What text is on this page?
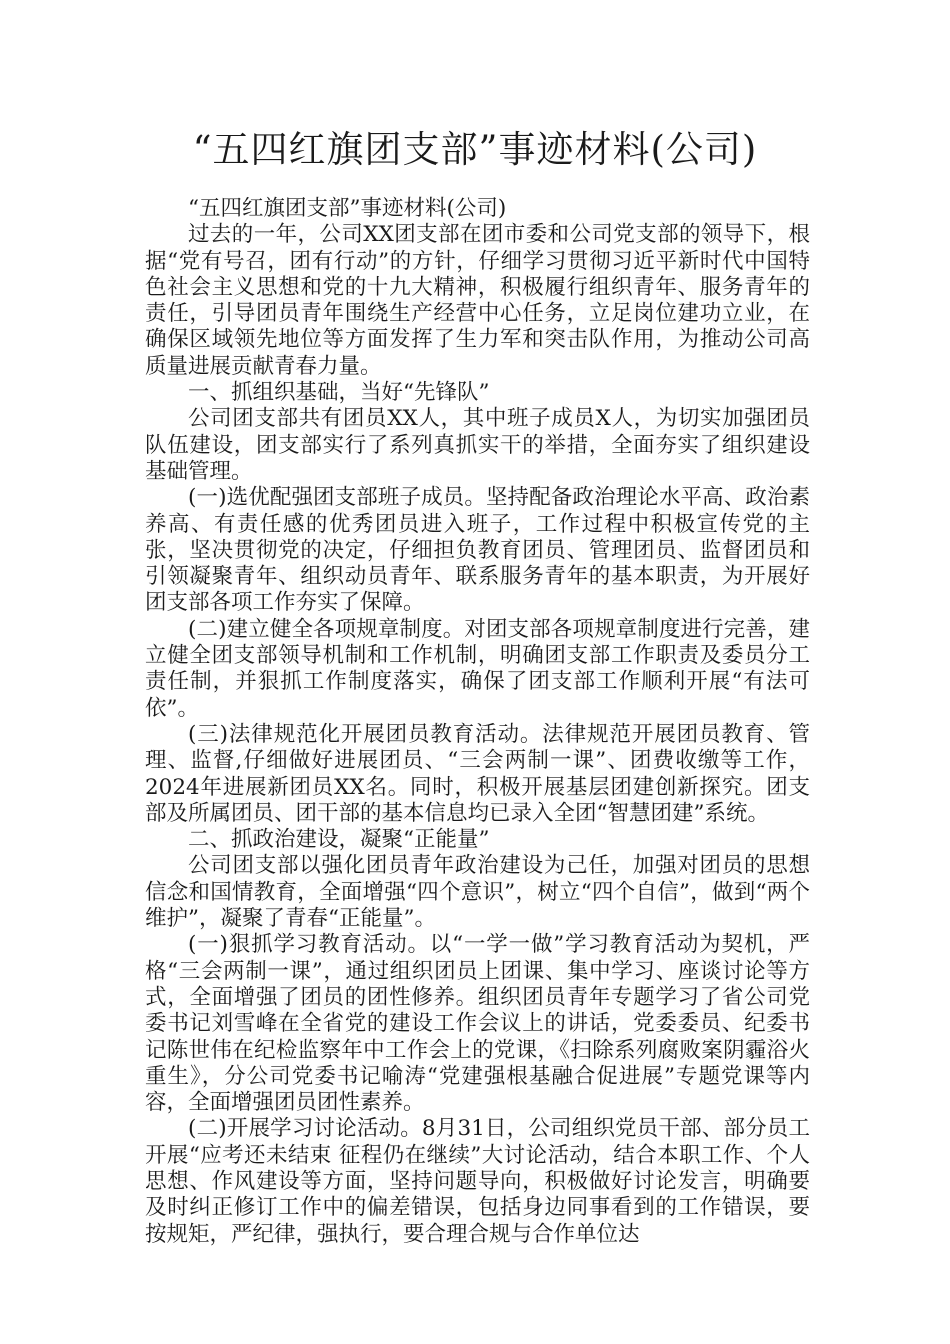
“五四红旗团支部”事迹材料(公司)

“五四红旗团支部”事迹材料(公司)

过去的一年，公司XX团支部在团市委和公司党支部的领导下，根据“党有号召，团有行动”的方针，仔细学习贯彻习近平新时代中国特色社会主义思想和党的十九大精神，积极履行组织青年、服务青年的责任，引导团员青年围绕生产经营中心任务，立足岗位建功立业，在确保区域领先地位等方面发挥了生力军和突击队作用，为推动公司高质量进展贡献青春力量。

一、抓组织基础，当好“先锋队”

公司团支部共有团员XX人，其中班子成员X人，为切实加强团员队伍建设，团支部实行了系列真抓实干的举措，全面夯实了组织建设基础管理。

(一)选优配强团支部班子成员。坚持配备政治理论水平高、政治素养高、有责任感的优秀团员进入班子，工作过程中积极宣传党的主张，坚决贯彻党的决定，仔细担负教育团员、管理团员、监督团员和引领凝聚青年、组织动员青年、联系服务青年的基本职责，为开展好团支部各项工作夯实了保障。

(二)建立健全各项规章制度。对团支部各项规章制度进行完善，建立健全团支部领导机制和工作机制，明确团支部工作职责及委员分工责任制，并狠抓工作制度落实，确保了团支部工作顺利开展“有法可依”。

(三)法律规范化开展团员教育活动。法律规范开展团员教育、管理、监督,仔细做好进展团员、“三会两制一课”、团费收缴等工作，2024年进展新团员XX名。同时，积极开展基层团建创新探究。团支部及所属团员、团干部的基本信息均已录入全团“智慧团建”系统。

二、抓政治建设，凝聚“正能量”

公司团支部以强化团员青年政治建设为己任，加强对团员的思想信念和国情教育，全面增强“四个意识”，树立“四个自信”，做到“两个维护”，凝聚了青春“正能量”。

(一)狠抓学习教育活动。以“一学一做”学习教育活动为契机，严格“三会两制一课”，通过组织团员上团课、集中学习、座谈讨论等方式，全面增强了团员的团性修养。组织团员青年专题学习了省公司党委书记刘雪峰在全省党的建设工作会议上的讲话，党委委员、纪委书记陈世伟在纪检监察年中工作会上的党课，《扫除系列腐败案阴霾浴火重生》，分公司党委书记喻涛“党建强根基融合促进展”专题党课等内容，全面增强团员团性素养。

(二)开展学习讨论活动。8月31日，公司组织党员干部、部分员工开展“应考还未结束 征程仍在继续”大讨论活动，结合本职工作、个人思想、作风建设等方面，坚持问题导向，积极做好讨论发言，明确要及时纠正修订工作中的偏差错误，包括身边同事看到的工作错误，要按规矩，严纪律，强执行，要合理合规与合作单位达
